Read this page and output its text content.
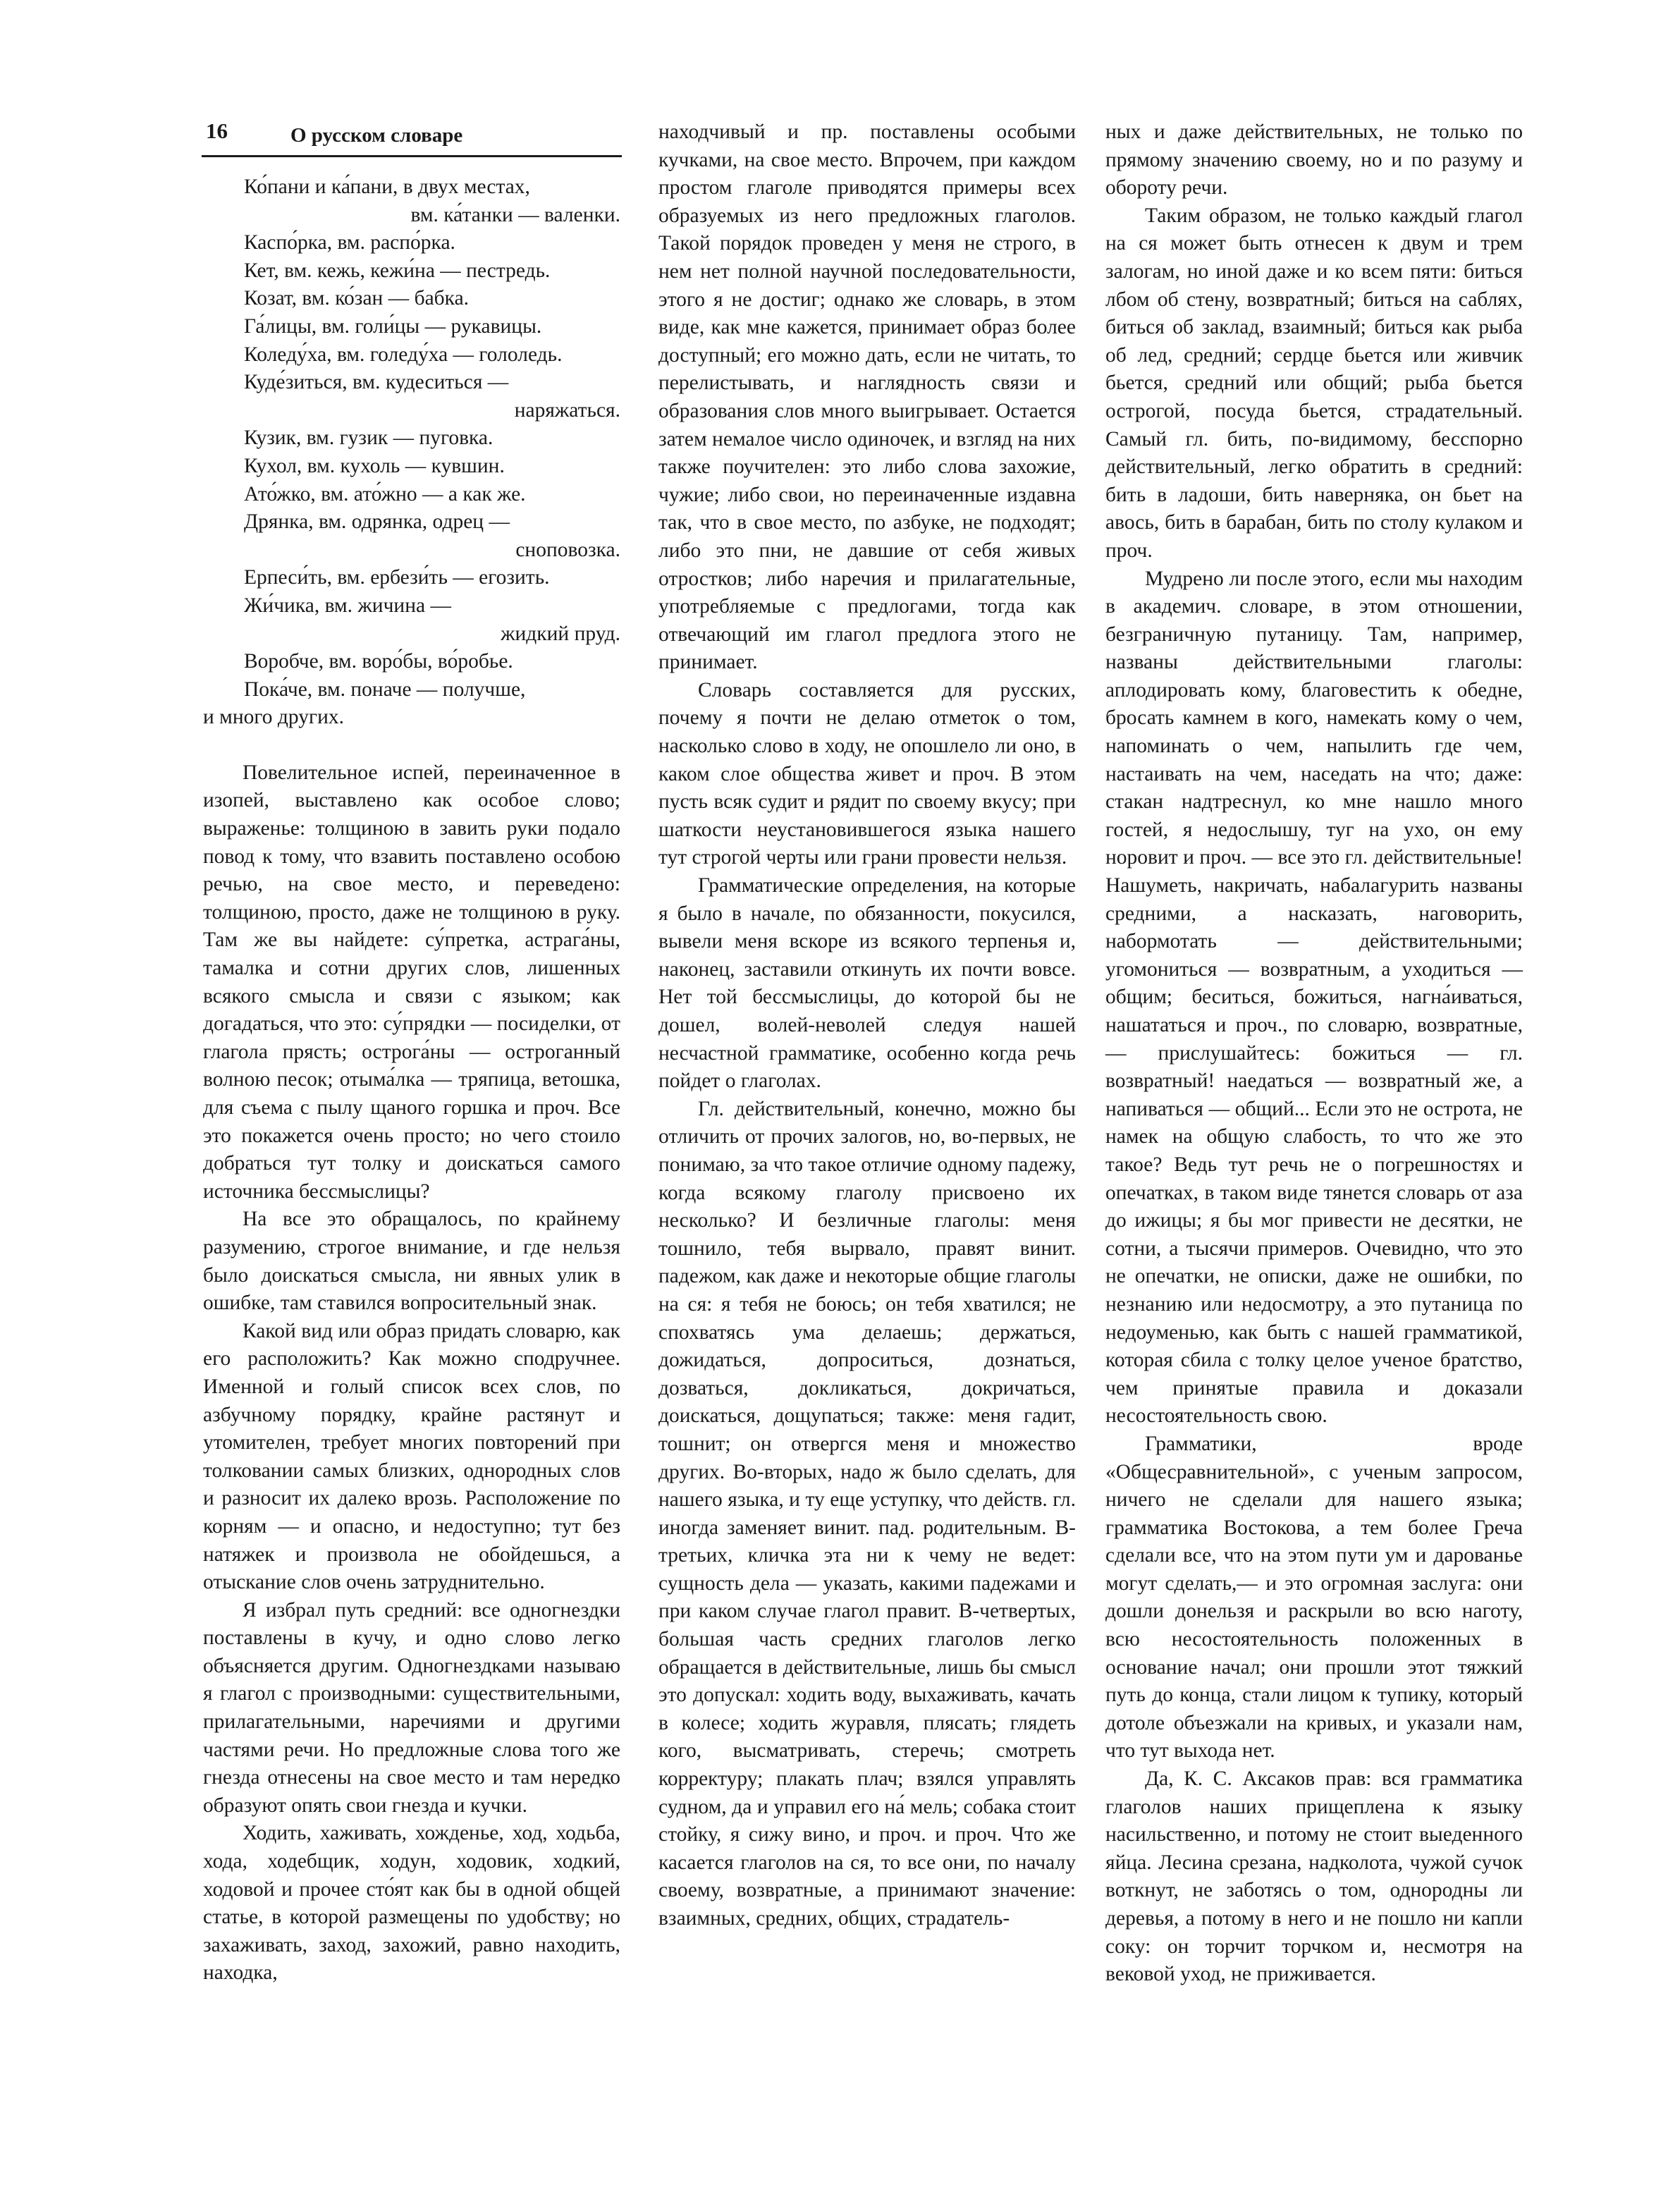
16	О русском словаре
Ко́пани и ка́пани, в двух местах,
вм. ка́танки — валенки.
Каспо́рка, вм. распо́рка.
Кет, вм. кежь, кежи́на — пестредь.
Козат, вм. ко́зан — бабка.
Га́лицы, вм. голи́цы — рукавицы.
Коледу́ха, вм. голеду́ха — гололедь.
Куде́зиться, вм. кудеситься —
наряжаться.
Кузик, вм. гузик — пуговка.
Кухол, вм. кухоль — кувшин.
Ато́жко, вм. ато́жно — а как же.
Дрянка, вм. одрянка, одрец —
сноповозка.
Ерпеси́ть, вм. ербези́ть — егозить.
Жи́чика, вм. жичина —
жидкий пруд.
Воробче, вм. воро́бы, во́робье.
Пока́че, вм. поначе — получше,

и много других.

Повелительное испей, переиначенное в изопей, выставлено как особое слово; выраженье: толщиною в завить руки подало повод к тому, что взавить поставлено особою речью, на свое место, и переведено: толщиною, просто, даже не толщиною в руку. Там же вы найдете: су́претка, астрага́ны, тамалка и сотни других слов, лишенных всякого смысла и связи с языком; как догадаться, что это: су́прядки — посиделки, от глагола прясть; острога́ны — острoганный волною песок; отыма́лка — тряпица, ветошка, для съема с пылу щаного горшка и проч. Все это покажется очень просто; но чего стоило добраться тут толку и доискаться самого источника бессмыслицы?

На все это обращалось, по крайнему разумению, строгое внимание, и где нельзя было доискаться смысла, ни явных улик в ошибке, там ставился вопросительный знак.

Какой вид или образ придать словарю, как его расположить? Как можно сподручнее. Именной и голый список всех слов, по азбучному порядку, крайне растянут и утомителен, требует многих повторений при толковании самых близких, однородных слов и разносит их далеко врозь. Расположение по корням — и опасно, и недоступно; тут без натяжек и произвола не обойдешься, а отыскание слов очень затруднительно.

Я избрал путь средний: все одногнездки поставлены в кучу, и одно слово легко объясняется другим. Одногнездками называю я глагол с производными: существительными, прилагательными, наречиями и другими частями речи. Но предложные слова того же гнезда отнесены на свое место и там нередко образуют опять свои гнезда и кучки.

Ходить, хаживать, хожденье, ход, ходьба, хода, ходебщик, ходун, ходовик, ходкий, ходовой и прочее сто́ят как бы в одной общей статье, в которой размещены по удобству; но захаживать, заход, захожий, равно находить, находка,

находчивый и пр. поставлены особыми кучками, на свое место. Впрочем, при каждом простом глаголе приводятся примеры всех образуемых из него предложных глаголов. Такой порядок проведен у меня не строго, в нем нет полной научной последовательности, этого я не достиг; однако же словарь, в этом виде, как мне кажется, принимает образ более доступный; его можно дать, если не читать, то перелистывать, и наглядность связи и образования слов много выигрывает. Остается затем немалое число одиночек, и взгляд на них также поучителен: это либо слова захожие, чужие; либо свои, но переиначенные издавна так, что в свое место, по азбуке, не подходят; либо это пни, не давшие от себя живых отростков; либо наречия и прилагательные, употребляемые с предлогами, тогда как отвечающий им глагол предлога этого не принимает.

Словарь составляется для русских, почему я почти не делаю отметок о том, насколько слово в ходу, не опошлело ли оно, в каком слое общества живет и проч. В этом пусть всяк судит и рядит по своему вкусу; при шаткости неустановившегося языка нашего тут строгой черты или грани провести нельзя.

Грамматические определения, на которые я было в начале, по обязанности, покусился, вывели меня вскоре из всякого терпенья и, наконец, заставили откинуть их почти вовсе. Нет той бессмыслицы, до которой бы не дошел, волей-неволей следуя нашей несчастной грамматике, особенно когда речь пойдет о глаголах.

Гл. действительный, конечно, можно бы отличить от прочих залогов, но, во-первых, не понимаю, за что такое отличие одному падежу, когда всякому глаголу присвоено их несколько? И безличные глаголы: меня тошнило, тебя вырвало, правят винит. падежом, как даже и некоторые общие глаголы на ся: я тебя не боюсь; он тебя хватился; не спохватясь ума делаешь; держаться, дожидаться, допроситься, дознаться, дозваться, докликаться, докричаться, доискаться, дощупаться; также: меня гадит, тошнит; он отвергся меня и множество других. Во-вторых, надо ж было сделать, для нашего языка, и ту еще уступку, что действ. гл. иногда заменяет винит. пад. родительным. В-третьих, кличка эта ни к чему не ведет: сущность дела — указать, какими падежами и при каком случае глагол правит. В-четвертых, большая часть средних глаголов легко обращается в действительные, лишь бы смысл это допускал: ходить воду, выхаживать, качать в колесе; ходить журавля, плясать; глядеть кого, высматривать, стеречь; смотреть корректуру; плакать плач; взялся управлять судном, да и управил его на́ мель; собака стоит стойку, я сижу вино, и проч. и проч. Что же касается глаголов на ся, то все они, по началу своему, возвратные, а принимают значение: взаимных, средних, общих, страдатель-

ных и даже действительных, не только по прямому значению своему, но и по разуму и обороту речи.

Таким образом, не только каждый глагол на ся может быть отнесен к двум и трем залогам, но иной даже и ко всем пяти: биться лбом об стену, возвратный; биться на саблях, биться об заклад, взаимный; биться как рыба об лед, средний; сердце бьется или живчик бьется, средний или общий; рыба бьется острогой, посуда бьется, страдательный. Самый гл. бить, по-видимому, бесспорно действительный, легко обратить в средний: бить в ладоши, бить наверняка, он бьет на авось, бить в барабан, бить по столу кулаком и проч.

Мудрено ли после этого, если мы находим в академич. словаре, в этом отношении, безграничную путаницу. Там, например, названы действительными глаголы: аплодировать кому, благовестить к обедне, бросать камнем в кого, намекать кому о чем, напоминать о чем, напылить где чем, настаивать на чем, наседать на что; даже: стакан надтреснул, ко мне нашло много гостей, я недослышу, туг на ухо, он ему норовит и проч. — все это гл. действительные! Нашуметь, накричать, набалагурить названы средними, а насказать, наговорить, набормотать — действительными; угомониться — возвратным, а уходиться — общим; беситься, божиться, нагна́иваться, нашататься и проч., по словарю, возвратные,— прислушайтесь: божиться — гл. возвратный! наедаться — возвратный же, а напиваться — общий... Если это не острота, не намек на общую слабость, то что же это такое? Ведь тут речь не о погрешностях и опечатках, в таком виде тянется словарь от аза до ижицы; я бы мог привести не десятки, не сотни, а тысячи примеров. Очевидно, что это не опечатки, не описки, даже не ошибки, по незнанию или недосмотру, а это путаница по недоуменью, как быть с нашей грамматикой, которая сбила с толку целое ученое братство, чем принятые правила и доказали несостоятельность свою.

Грамматики, вроде «Общесравнительной», с ученым запросом, ничего не сделали для нашего языка; грамматика Востокова, а тем более Греча сделали все, что на этом пути ум и дарованье могут сделать,— и это огромная заслуга: они дошли донельзя и раскрыли во всю наготу, всю несостоятельность положенных в основание начал; они прошли этот тяжкий путь до конца, стали лицом к тупику, который дотоле объезжали на кривых, и указали нам, что тут выхода нет.

Да, К. С. Аксаков прав: вся грамматика глаголов наших прищеплена к языку насильственно, и потому не стоит выеденного яйца. Лесина срезана, надколота, чужой сучок воткнут, не заботясь о том, однородны ли деревья, а потому в него и не пошло ни капли соку: он торчит торчком и, несмотря на вековой уход, не приживается.
